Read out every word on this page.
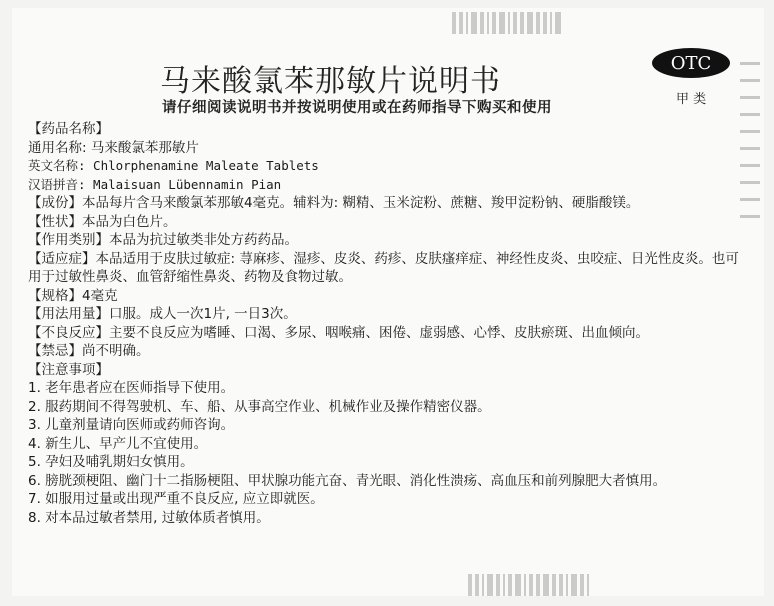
马来酸氯苯那敏片说明书
请仔细阅读说明书并按说明使用或在药师指导下购买和使用
OTC
甲 类
【药品名称】
通用名称: 马来酸氯苯那敏片
英文名称: Chlorphenamine Maleate Tablets
汉语拼音: Malaisuan Lübennamin Pian
【成份】本品每片含马来酸氯苯那敏4毫克。辅料为: 糊精、玉米淀粉、蔗糖、羧甲淀粉钠、硬脂酸镁。
【性状】本品为白色片。
【作用类别】本品为抗过敏类非处方药药品。
【适应症】本品适用于皮肤过敏症: 荨麻疹、湿疹、皮炎、药疹、皮肤瘙痒症、神经性皮炎、虫咬症、日光性皮炎。也可用于过敏性鼻炎、血管舒缩性鼻炎、药物及食物过敏。
【规格】4毫克
【用法用量】口服。成人一次1片, 一日3次。
【不良反应】主要不良反应为嗜睡、口渴、多尿、咽喉痛、困倦、虚弱感、心悸、皮肤瘀斑、出血倾向。
【禁忌】尚不明确。
【注意事项】
1. 老年患者应在医师指导下使用。
2. 服药期间不得驾驶机、车、船、从事高空作业、机械作业及操作精密仪器。
3. 儿童剂量请向医师或药师咨询。
4. 新生儿、早产儿不宜使用。
5. 孕妇及哺乳期妇女慎用。
6. 膀胱颈梗阻、幽门十二指肠梗阻、甲状腺功能亢奋、青光眼、消化性溃疡、高血压和前列腺肥大者慎用。
7. 如服用过量或出现严重不良反应, 应立即就医。
8. 对本品过敏者禁用, 过敏体质者慎用。
